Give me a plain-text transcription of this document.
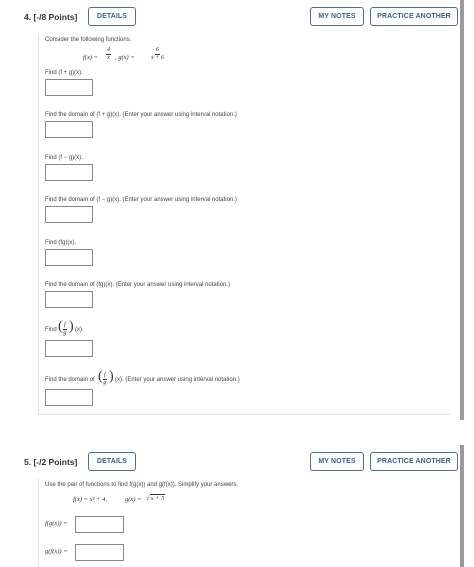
4. [-/8 Points]	DETAILS	MY NOTES	PRACTICE ANOTHER
Consider the following functions.
$f(x) = \frac{4}{x}$ , g(x) =	$\frac{6}{x + 6}$
Find (f + g)(x).
Find the domain of (f + g)(x). (Enter your answer using interval notation.)
Find (f − g)(x).
Find the domain of (f − g)(x). (Enter your answer using interval notation.)
Find (fg)(x).
Find the domain of (fg)(x). (Enter your answer using interval notation.)
Find ( $\frac{f}{g}$ ) (x).
Find the domain of ( $\frac{f}{g}$ ) (x). (Enter your answer using interval notation.)
5. [-/2 Points]	DETAILS	MY NOTES	PRACTICE ANOTHER
Use the pair of functions to find f(g(x)) and g(f(x)). Simplify your answers.
f(x) = x² + 4,	g(x) = √x + 5
f(g(x)) =
g(f(x)) =
